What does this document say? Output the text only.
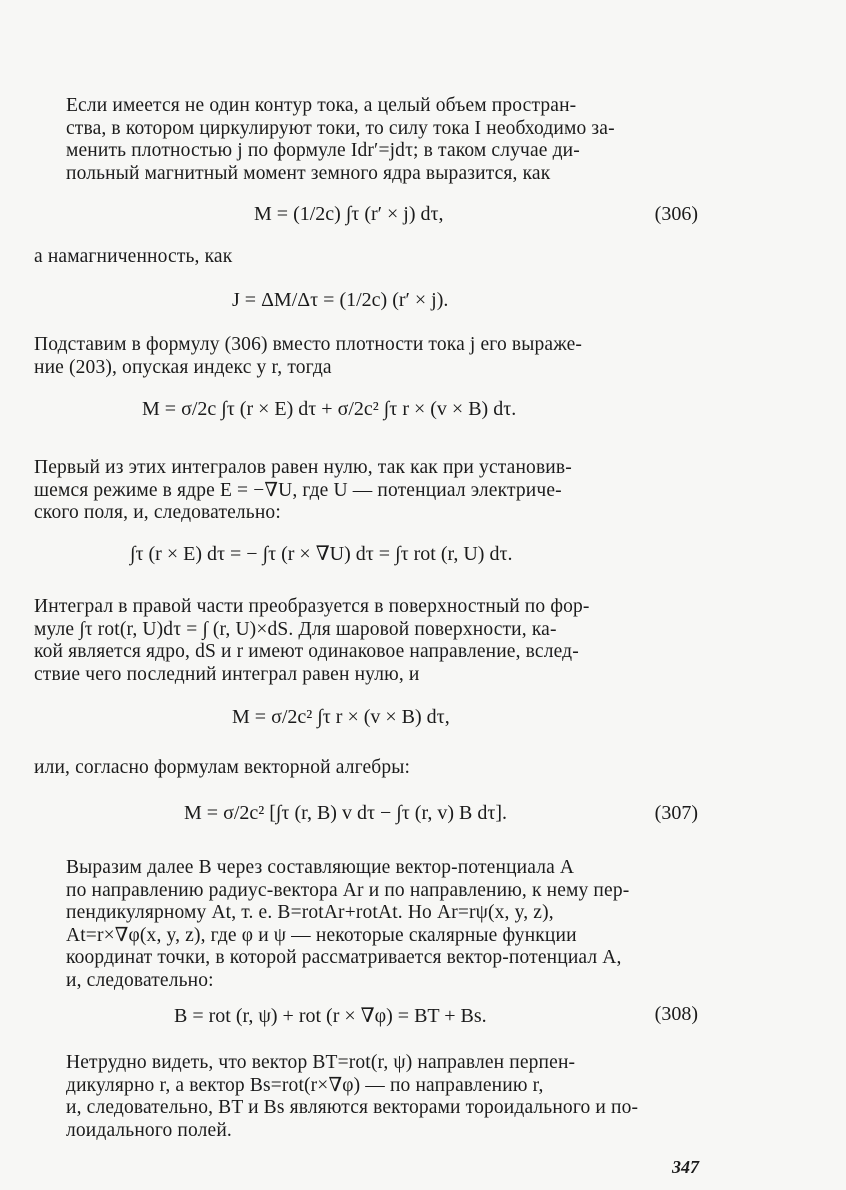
Если имеется не один контур тока, а целый объем простран-
ства, в котором циркулируют токи, то силу тока I необходимо за-
менить плотностью j по формуле Idr′=jdτ; в таком случае ди-
польный магнитный момент земного ядра выразится, как
M = (1/2c) ∫τ (r′ × j) dτ,	(306)
а намагниченность, как
J = ΔM/Δτ = (1/2c) (r′ × j).
Подставим в формулу (306) вместо плотности тока j его выраже-
ние (203), опуская индекс у r, тогда
M = σ/2c ∫τ (r × E) dτ + σ/2c² ∫τ r × (v × B) dτ.
Первый из этих интегралов равен нулю, так как при установив-
шемся режиме в ядре E = −∇U, где U — потенциал электриче-
ского поля, и, следовательно:
∫τ (r × E) dτ = − ∫τ (r × ∇U) dτ = ∫τ rot (r, U) dτ.
Интеграл в правой части преобразуется в поверхностный по фор-
муле ∫τ rot(r, U)dτ = ∫ (r, U)×dS. Для шаровой поверхности, ка-
кой является ядро, dS и r имеют одинаковое направление, вслед-
ствие чего последний интеграл равен нулю, и
M = σ/2c² ∫τ r × (v × B) dτ,
или, согласно формулам векторной алгебры:
M = σ/2c² [∫τ (r, B) v dτ − ∫τ (r, v) B dτ].	(307)
Выразим далее B через составляющие вектор-потенциала A
по направлению радиус-вектора Ar и по направлению, к нему пер-
пендикулярному At, т. е. B=rotAr+rotAt. Но Ar=rψ(x, y, z),
At=r×∇φ(x, y, z), где φ и ψ — некоторые скалярные функции
координат точки, в которой рассматривается вектор-потенциал A,
и, следовательно:
B = rot (r, ψ) + rot (r × ∇φ) = BT + Bs.	(308)
Нетрудно видеть, что вектор BT=rot(r, ψ) направлен перпен-
дикулярно r, а вектор Bs=rot(r×∇φ) — по направлению r,
и, следовательно, BT и Bs являются векторами тороидального и по-
лоидального полей.
347
